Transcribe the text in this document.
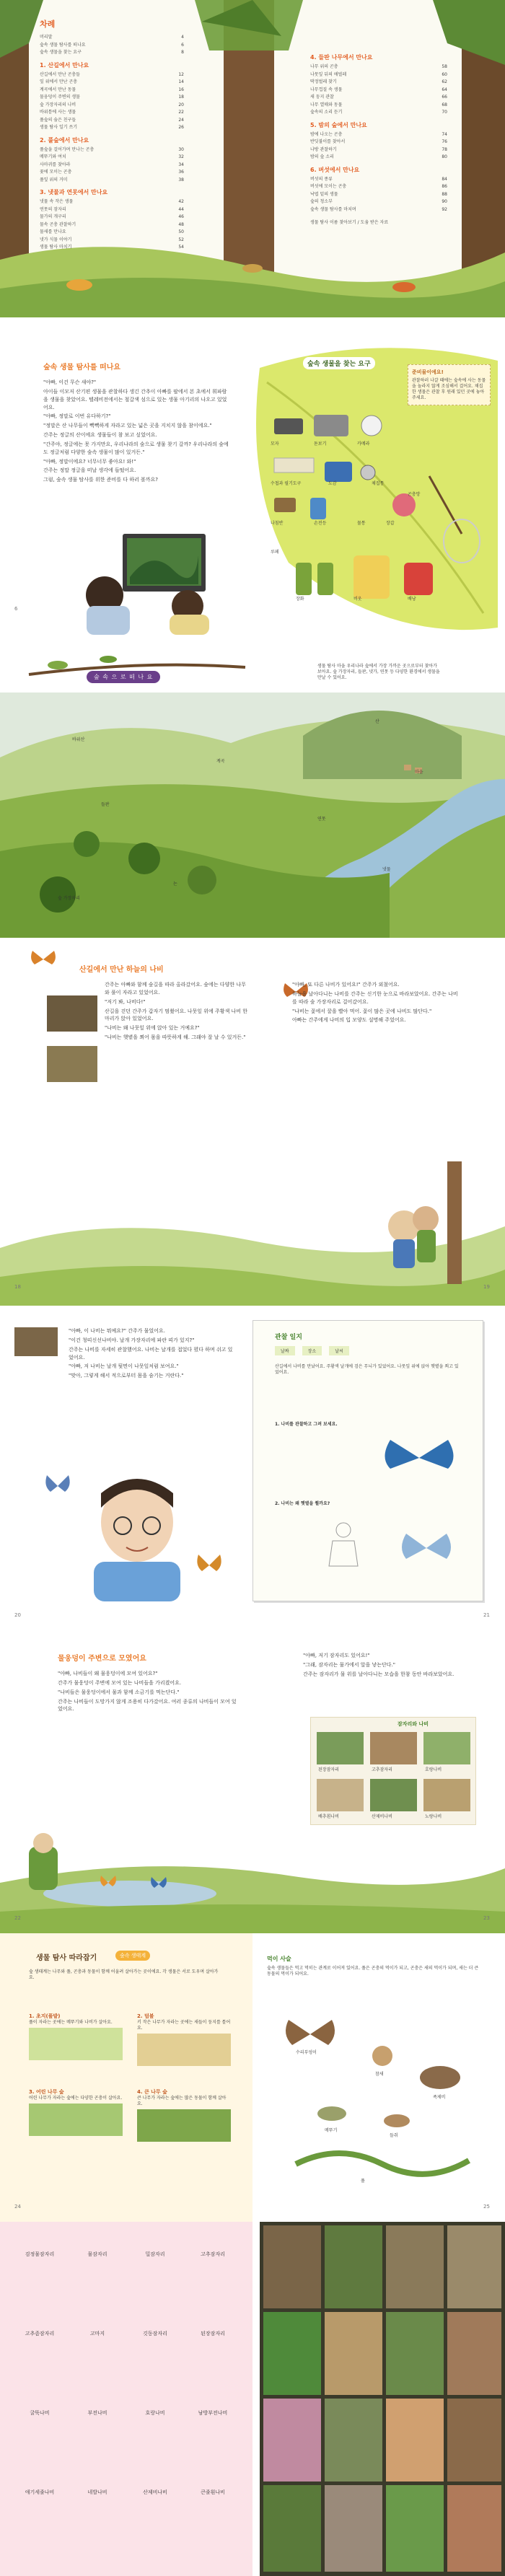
차례
머리말	4
숲속 생물 탐사를 떠나요	6
숲속 생물을 찾는 요구	8
1. 산길에서 만나요
산길에서 만난 곤충들	12
잎 위에서 만난 곤충	14
계곡에서 만난 동물	16
물웅덩이 주변의 생물	18
숲 가장자리의 나비	20
바위틈에 사는 생물	22
풀숲의 숨은 친구들	24
생물 탐사 일기 쓰기	26
2. 풀숲에서 만나요
풀숲을 걸어가며 만나는 곤충	30
메뚜기와 여치	32
사마귀를 찾아라	34
꽃에 모이는 곤충	36
풀잎 위의 거미	38
3. 냇물과 연못에서 만나요
냇물 속 작은 생물	42
연못의 잠자리	44
물가의 개구리	46
물속 곤충 관찰하기	48
물새를 만나요	50
냇가 식물 이야기	52
생물 탐사 마치기	54
4. 들판 나무에서 만나요
나무 위의 곤충	58
나뭇잎 뒤의 애벌레	60
딱정벌레 찾기	62
나무껍질 속 생물	64
새 둥지 관찰	66
나무 열매와 동물	68
숲속의 소리 듣기	70
5. 밤의 숲에서 만나요
밤에 나오는 곤충	74
반딧불이를 찾아서	76
나방 관찰하기	78
밤의 숲 소리	80
6. 버섯에서 만나요
버섯의 종류	84
버섯에 모이는 곤충	86
낙엽 밑의 생물	88
숲의 청소부	90
숲속 생물 탐사를 마치며	92
생물 탐사 이름 찾아보기 / 도움 받은 자료
숲속 생물 탐사를 떠나요

"아빠, 이건 무슨 새야?"

아이들 이모저 산기편 생물을 관찰하다 생긴 간추이 아빠를 팔에서 본 초에서 휘파람을 생물을 찾았어요. 텔레비전에서는 철갈색 섬으로 있는 생물 아기리의 나오고 있었어요.

"아빠, 정말로 이번 유다하기?"

"정말은 산 나무들이 빽빽하게 자라고 있는 넓은 곳을 지치지 않을 참이에요."

간주는 정글의 산이에요 생물들이 참 보고 싶었어요.

"간주야, 정글에는 못 가지만요, 우리나라의 숲으로 생물 찾기 갈까? 우리나라의 숲에도 정글처럼 다양한 숲속 생물이 많이 있거든."

"아빠, 정말이에요? 너무너무 좋아요! 와!"

간주는 정말 정글을 떠날 생각에 들떴어요.

그럼, 숲속 생물 탐사를 위한 준비를 다 하러 볼까요?

숲속 생물을 찾는 요구
준비물이에요!
관찰하러 나갈 때에는 숲속에 사는 동물을 놀라지 않게 조심해서 걸어요. 채집한 생물은 관찰 후 원래 있던 곳에 놓아 주세요.
모자	돋보기	카메라
수첩과 필기도구	도감	채집통
나침반	손전등	물통	장갑
곤충망
루페
장화	비옷	배낭
6
숲 속 으 로 떠 나 요
생물 탐사 마을 우리나라 숲에서 가장 가까운 곳으로부터 찾아가 보아요. 숲 가장자리, 들판, 냇가, 연못 등 다양한 환경에서 생물을 만날 수 있어요.
산
마을
들판
연못
냇물
숲 가장자리
계곡
바위산
논
산길에서 만난 하늘의 나비

간주는 아빠와 함께 숲길을 따라 올라갔어요. 숲에는 다양한 나무와 풀이 자라고 있었어요.

"저기 봐, 나비다!"

산길을 걷던 간주가 갑자기 멈췄어요. 나뭇잎 위에 주황색 나비 한 마리가 앉아 있었어요.

"나비는 왜 나뭇잎 위에 앉아 있는 거예요?"

"나비는 햇볕을 쬐어 몸을 따뜻하게 해. 그래야 잘 날 수 있거든."

"아빠, 또 다른 나비가 있어요!" 간주가 외쳤어요.

하늘을 날아다니는 나비를 간주는 신기한 눈으로 바라보았어요. 간주는 나비를 따라 숲 가장자리로 걸어갔어요.

"나비는 꽃에서 꿀을 빨아 먹어. 꽃이 많은 곳에 나비도 많단다."

아빠는 간주에게 나비의 입 모양도 설명해 주었어요.

18	19

"아빠, 이 나비는 뭐예요?" 간주가 물었어요.

"이건 청띠신선나비야. 날개 가장자리에 파란 띠가 있지?"

간주는 나비를 자세히 관찰했어요. 나비는 날개를 접었다 폈다 하며 쉬고 있었어요.

"아빠, 저 나비는 날개 뒷면이 나뭇잎처럼 보여요."

"맞아, 그렇게 해서 적으로부터 몸을 숨기는 거란다."

관찰 일지
날짜	장소	날씨
산길에서 나비를 만났어요. 주황색 날개에 검은 무늬가 있었어요. 나뭇잎 위에 앉아 햇볕을 쬐고 있었어요.
1. 나비를 관찰하고 그려 보세요.
2. 나비는 왜 햇볕을 쬘까요?
20	21
물웅덩이 주변으로 모였어요

"아빠, 나비들이 왜 물웅덩이에 모여 있어요?"

간주가 물웅덩이 주변에 모여 있는 나비들을 가리켰어요.

"나비들은 물웅덩이에서 물과 함께 소금기를 먹는단다."

간주는 나비들이 도망가지 않게 조용히 다가갔어요. 여러 종류의 나비들이 모여 있었어요.

"아빠, 저기 잠자리도 있어요!"

"그래, 잠자리는 물가에서 알을 낳는단다."

간주는 잠자리가 물 위를 날아다니는 모습을 한참 동안 바라보았어요.

잠자리와 나비
된장잠자리	고추잠자리	호랑나비
배추흰나비	산제비나비	노랑나비
22	23
생물 탐사 따라잡기	숲속 생태계
숲 생태계는 나무와 풀, 곤충과 동물이 함께 어울려 살아가는 곳이에요. 각 생물은 서로 도우며 살아가요.
1. 초지(풀밭)
풀이 자라는 곳에는 메뚜기와 나비가 살아요.
2. 덤불
키 작은 나무가 자라는 곳에는 새들이 둥지를 틀어요.
3. 어린 나무 숲
어린 나무가 자라는 숲에는 다양한 곤충이 살아요.
4. 큰 나무 숲
큰 나무가 자라는 숲에는 많은 동물이 함께 살아요.
24
먹이 사슬
숲속 생물들은 먹고 먹히는 관계로 이어져 있어요. 풀은 곤충의 먹이가 되고, 곤충은 새의 먹이가 되며, 새는 더 큰 동물의 먹이가 되어요.
수리부엉이
참새
메뚜기
족제비
들쥐
풀
25
검정물잠자리	물잠자리	밀잠자리	고추잠자리
고추좀잠자리	고마지	깃동잠자리	된장잠자리
굴뚝나비	부전나비	호랑나비	남방부전나비
애기세줄나비	네발나비	산제비나비	큰줄흰나비
